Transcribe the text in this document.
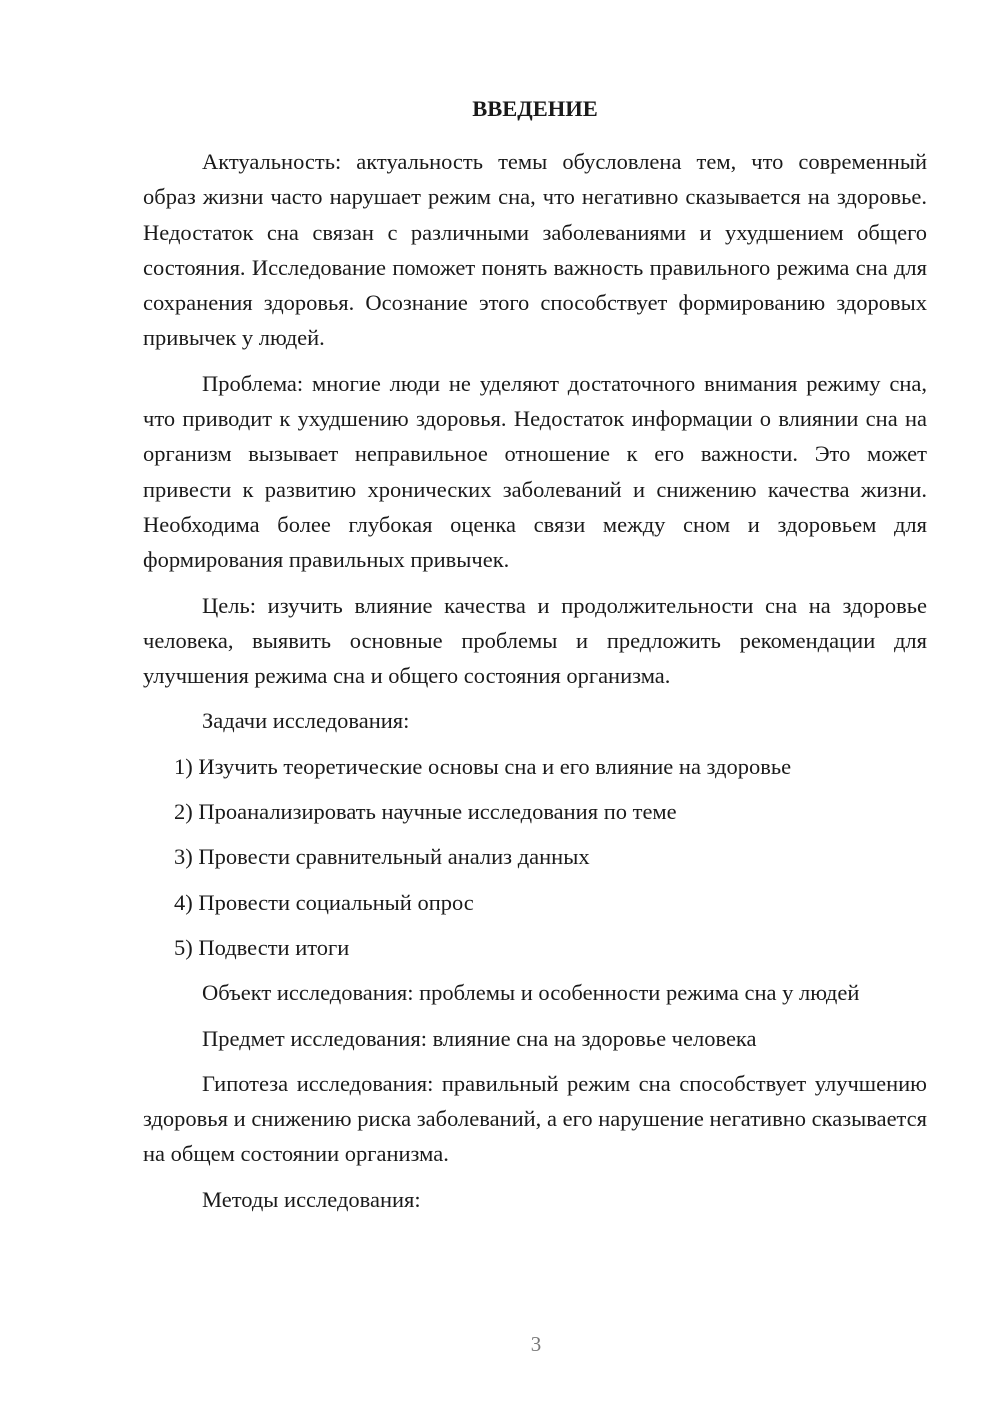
ВВЕДЕНИЕ

Актуальность: актуальность темы обусловлена тем, что современный образ жизни часто нарушает режим сна, что негативно сказывается на здоровье. Недостаток сна связан с различными заболеваниями и ухудшением общего состояния. Исследование поможет понять важность правильного режима сна для сохранения здоровья. Осознание этого способствует формированию здоровых привычек у людей.

Проблема: многие люди не уделяют достаточного внимания режиму сна, что приводит к ухудшению здоровья. Недостаток информации о влиянии сна на организм вызывает неправильное отношение к его важности. Это может привести к развитию хронических заболеваний и снижению качества жизни. Необходима более глубокая оценка связи между сном и здоровьем для формирования правильных привычек.

Цель: изучить влияние качества и продолжительности сна на здоровье человека, выявить основные проблемы и предложить рекомендации для улучшения режима сна и общего состояния организма.

Задачи исследования:

1) Изучить теоретические основы сна и его влияние на здоровье

2) Проанализировать научные исследования по теме

3) Провести сравнительный анализ данных

4) Провести социальный опрос

5) Подвести итоги

Объект исследования: проблемы и особенности режима сна у людей

Предмет исследования: влияние сна на здоровье человека

Гипотеза исследования: правильный режим сна способствует улучшению здоровья и снижению риска заболеваний, а его нарушение негативно сказывается на общем состоянии организма.

Методы исследования:

3
